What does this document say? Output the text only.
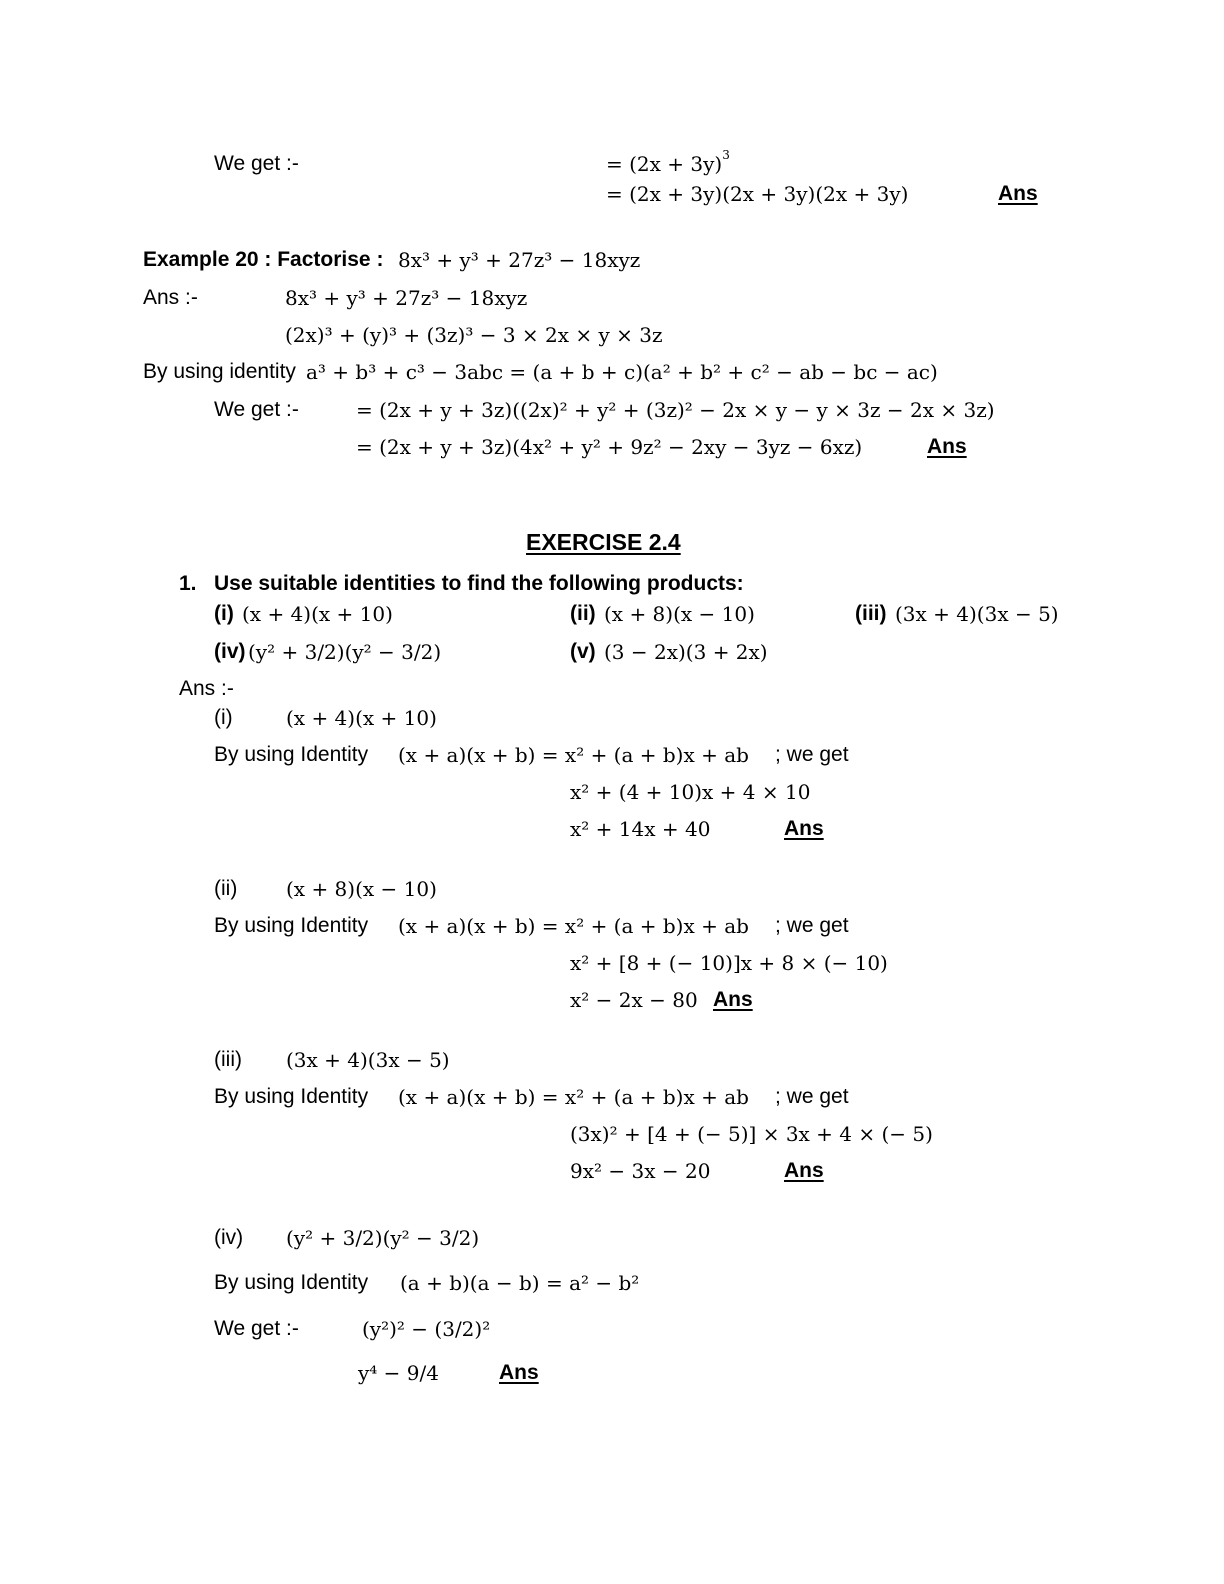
We get :-	= $(2x + 3y)^3$
= (2x + 3y)(2x + 3y)(2x + 3y)	Ans
Example 20 : Factorise : 8x³ + y³ + 27z³ − 18xyz
Ans :-	8x³ + y³ + 27z³ − 18xyz
(2x)³ + (y)³ + (3z)³ − 3 × 2x × y × 3z
By using identity a³ + b³ + c³ − 3abc = (a + b + c)(a² + b² + c² − ab − bc − ac)
We get :-	= (2x + y + 3z)((2x)² + y² + (3z)² − 2x × y − y × 3z − 2x × 3z)
= (2x + y + 3z)(4x² + y² + 9z² − 2xy − 3yz − 6xz)	Ans
EXERCISE 2.4
1. Use suitable identities to find the following products:
(i) (x + 4)(x + 10)	(ii) (x + 8)(x − 10)	(iii) (3x + 4)(3x − 5)
(iv) (y² + 3/2)(y² − 3/2)	(v) (3 − 2x)(3 + 2x)
Ans :-
(i)	(x + 4)(x + 10)
By using Identity (x + a)(x + b) = x² + (a + b)x + ab ; we get
x² + (4 + 10)x + 4 × 10
x² + 14x + 40	Ans
(ii) (x + 8)(x − 10)
By using Identity (x + a)(x + b) = x² + (a + b)x + ab ; we get
x² + [8 + (− 10)]x + 8 × (− 10)
x² − 2x − 80 Ans
(iii) (3x + 4)(3x − 5)
By using Identity (x + a)(x + b) = x² + (a + b)x + ab ; we get
(3x)² + [4 + (− 5)] × 3x + 4 × (− 5)
9x² − 3x − 20	Ans
(iv) (y² + 3/2)(y² − 3/2)
By using Identity (a + b)(a − b) = a² − b²
We get :-	(y²)² − (3/2)²
y⁴ − 9/4	Ans
